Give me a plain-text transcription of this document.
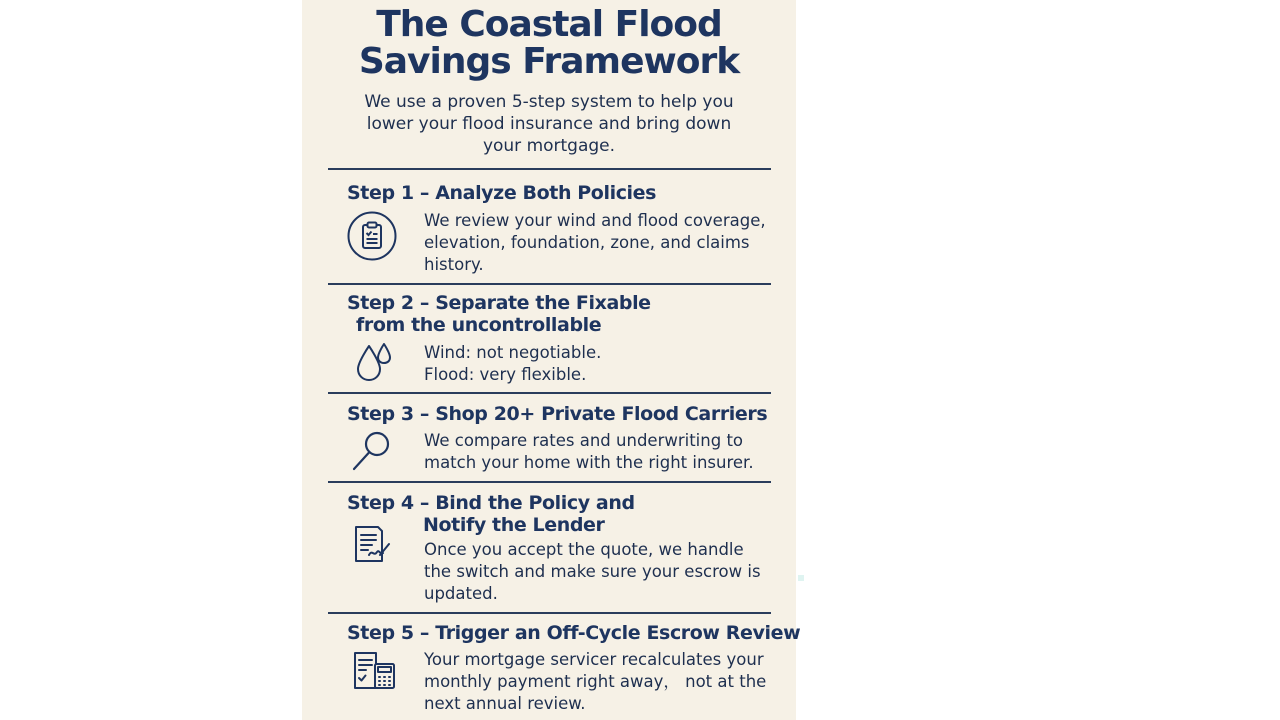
The Coastal Flood
Savings Framework

We use a proven 5-step system to help you
lower your flood insurance and bring down
your mortgage.

Step 1 – Analyze Both Policies

We review your wind and flood coverage,
elevation, foundation, zone, and claims
history.

Step 2 – Separate the Fixable
from the uncontrollable

Wind: not negotiable.
Flood: very flexible.

Step 3 – Shop 20+ Private Flood Carriers

We compare rates and underwriting to
match your home with the right insurer.

Step 4 – Bind the Policy and
Notify the Lender

Once you accept the quote, we handle
the switch and make sure your escrow is
updated.

Step 5 – Trigger an Off-Cycle Escrow Review

Your mortgage servicer recalculates your
monthly payment right away， not at the
next annual review.
